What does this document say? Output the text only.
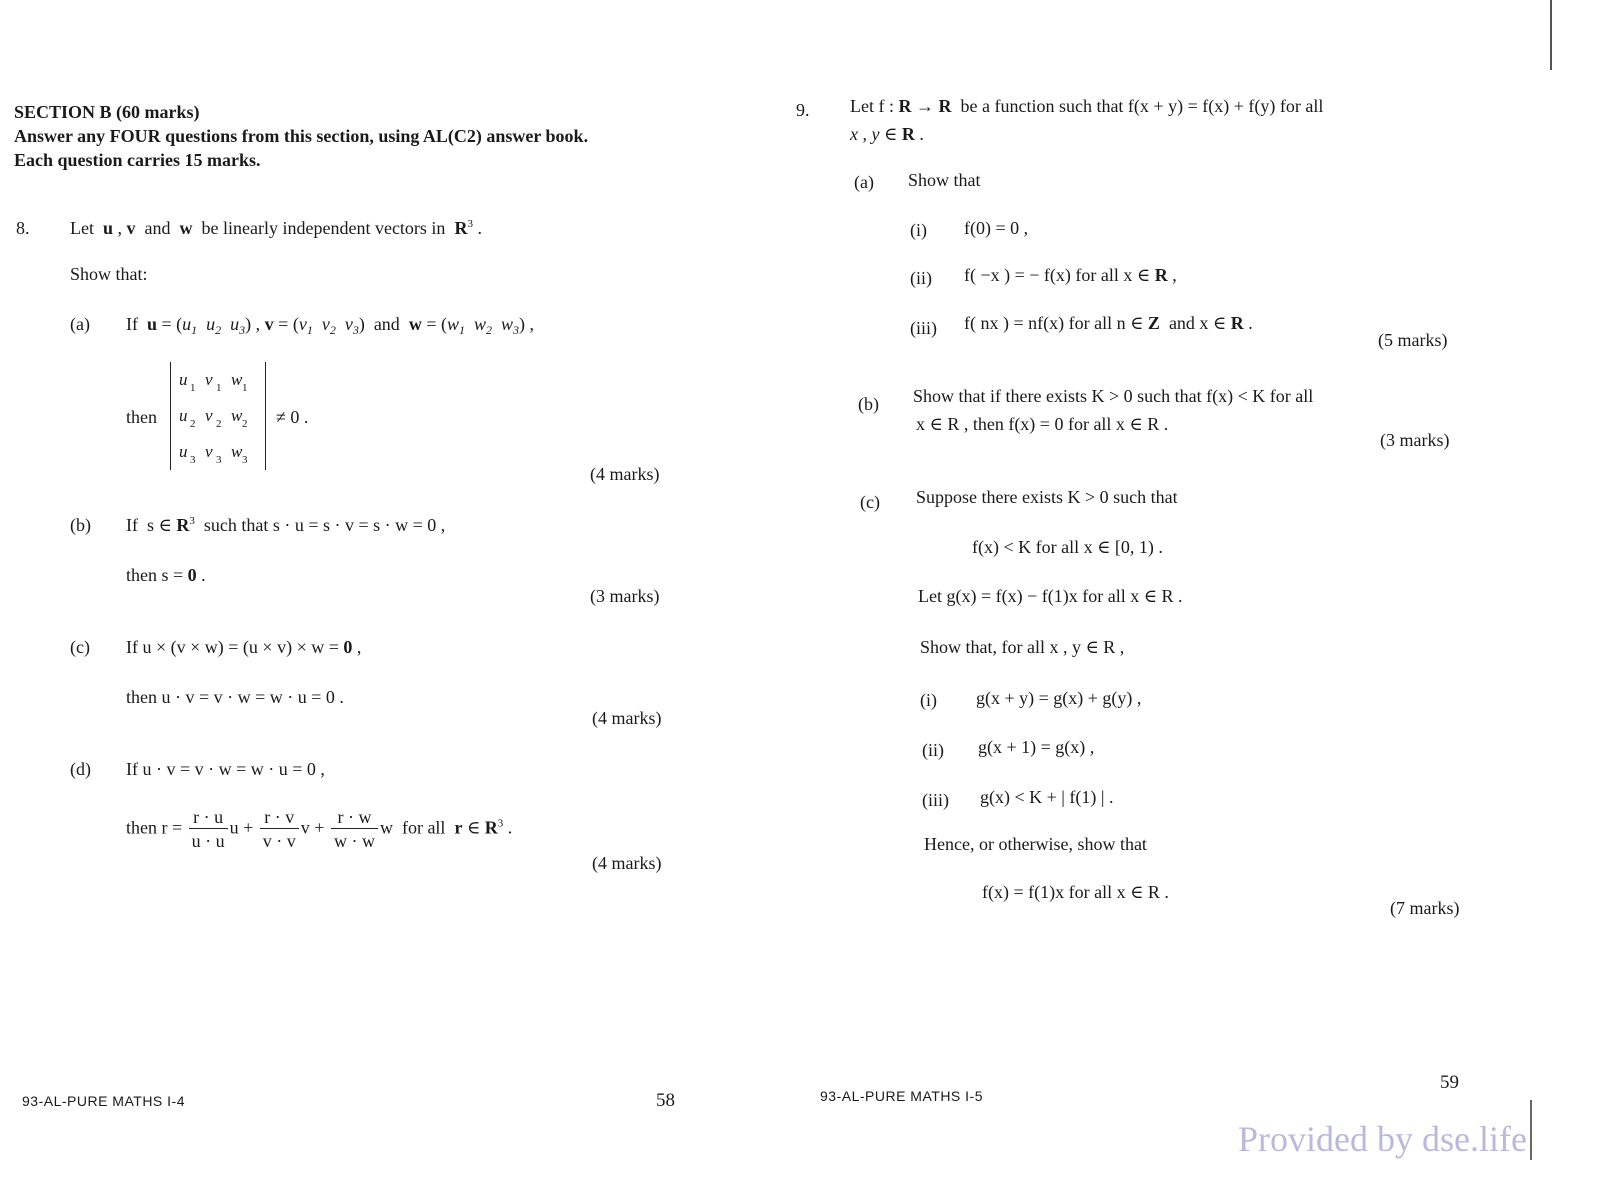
SECTION B (60 marks)
Answer any FOUR questions from this section, using AL(C2) answer book.
Each question carries 15 marks.
8. Let u , v  and  w be linearly independent vectors in $R^3$ .
Show that:
(a) If $u = (u_1$ $u_2$ $u_3$) , $v = (v_1$ $v_2$ $v_3$)  and  $w = (w_1$ $w_2$ $w_3$) ,
then
u v w
u v w
u v w
1 1 1
2 2 2
3 3 3
≠ 0 .
(4 marks)
(b) If  s ∈ $R^3$ such that s · u = s · v = s · w = 0 ,
then s = 0 .
(3 marks)
(c) If u × (v × w) = (u × v) × w = 0 ,
then u · v = v · w = w · u = 0 .
(4 marks)
(d) If u · v = v · w = w · u = 0 ,
then $r = \frac{r \cdot u}{u \cdot u}$ $u + \frac{r \cdot v}{v \cdot v}$ $v + \frac{r \cdot w}{w \cdot w}$ w  for all r ∈ $R^3$ .
(4 marks)
93-AL-PURE MATHS I-4	58
9. Let f : R → R be a function such that f(x + y) = f(x) + f(y) for all
x , y ∈ R .
(a) Show that
(i) f(0) = 0 ,
(ii) f( −x ) = − f(x) for all x ∈ R ,
(iii) f( nx ) = nf(x) for all n ∈ Z and x ∈ R .
(5 marks)
(b) Show that if there exists K > 0 such that f(x) < K for all
x ∈ R , then f(x) = 0 for all x ∈ R .
(3 marks)
(c) Suppose there exists K > 0 such that
f(x) < K for all x ∈ [0, 1) .
Let g(x) = f(x) − f(1)x for all x ∈ R .
Show that, for all x , y ∈ R ,
(i) g(x + y) = g(x) + g(y) ,
(ii) g(x + 1) = g(x) ,
(iii) g(x) < K + | f(1) | .
Hence, or otherwise, show that
f(x) = f(1)x for all x ∈ R .
(7 marks)
93-AL-PURE MATHS I-5
59
Provided by dse.life
